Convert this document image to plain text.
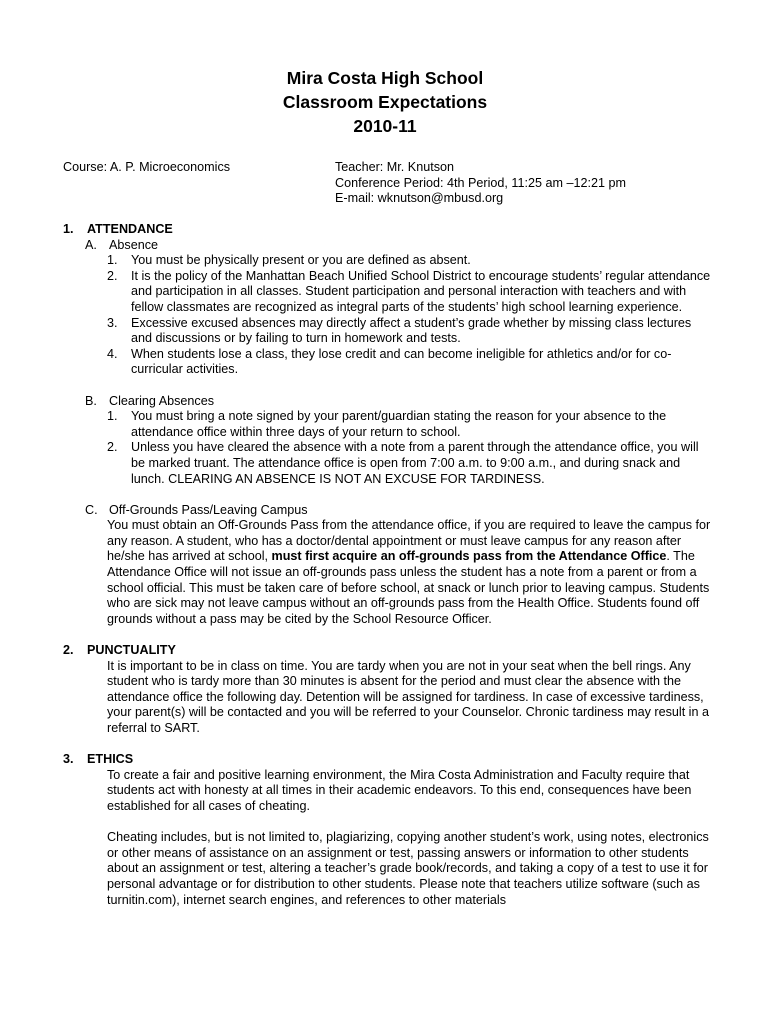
Mira Costa High School
Classroom Expectations
2010-11
Course: A. P. Microeconomics	Teacher: Mr. Knutson
Conference Period: 4th Period, 11:25 am –12:21 pm
E-mail: wknutson@mbusd.org
1. ATTENDANCE
A. Absence
1. You must be physically present or you are defined as absent.
2. It is the policy of the Manhattan Beach Unified School District to encourage students’ regular attendance and participation in all classes. Student participation and personal interaction with teachers and with fellow classmates are recognized as integral parts of the students’ high school learning experience.
3. Excessive excused absences may directly affect a student’s grade whether by missing class lectures and discussions or by failing to turn in homework and tests.
4. When students lose a class, they lose credit and can become ineligible for athletics and/or for co-curricular activities.
B. Clearing Absences
1. You must bring a note signed by your parent/guardian stating the reason for your absence to the attendance office within three days of your return to school.
2. Unless you have cleared the absence with a note from a parent through the attendance office, you will be marked truant. The attendance office is open from 7:00 a.m. to 9:00 a.m., and during snack and lunch. CLEARING AN ABSENCE IS NOT AN EXCUSE FOR TARDINESS.
C. Off-Grounds Pass/Leaving Campus
You must obtain an Off-Grounds Pass from the attendance office, if you are required to leave the campus for any reason. A student, who has a doctor/dental appointment or must leave campus for any reason after he/she has arrived at school, must first acquire an off-grounds pass from the Attendance Office. The Attendance Office will not issue an off-grounds pass unless the student has a note from a parent or from a school official. This must be taken care of before school, at snack or lunch prior to leaving campus. Students who are sick may not leave campus without an off-grounds pass from the Health Office. Students found off grounds without a pass may be cited by the School Resource Officer.
2. PUNCTUALITY
It is important to be in class on time. You are tardy when you are not in your seat when the bell rings. Any student who is tardy more than 30 minutes is absent for the period and must clear the absence with the attendance office the following day. Detention will be assigned for tardiness. In case of excessive tardiness, your parent(s) will be contacted and you will be referred to your Counselor. Chronic tardiness may result in a referral to SART.
3. ETHICS
To create a fair and positive learning environment, the Mira Costa Administration and Faculty require that students act with honesty at all times in their academic endeavors. To this end, consequences have been established for all cases of cheating.
Cheating includes, but is not limited to, plagiarizing, copying another student’s work, using notes, electronics or other means of assistance on an assignment or test, passing answers or information to other students about an assignment or test, altering a teacher’s grade book/records, and taking a copy of a test to use it for personal advantage or for distribution to other students. Please note that teachers utilize software (such as turnitin.com), internet search engines, and references to other materials
